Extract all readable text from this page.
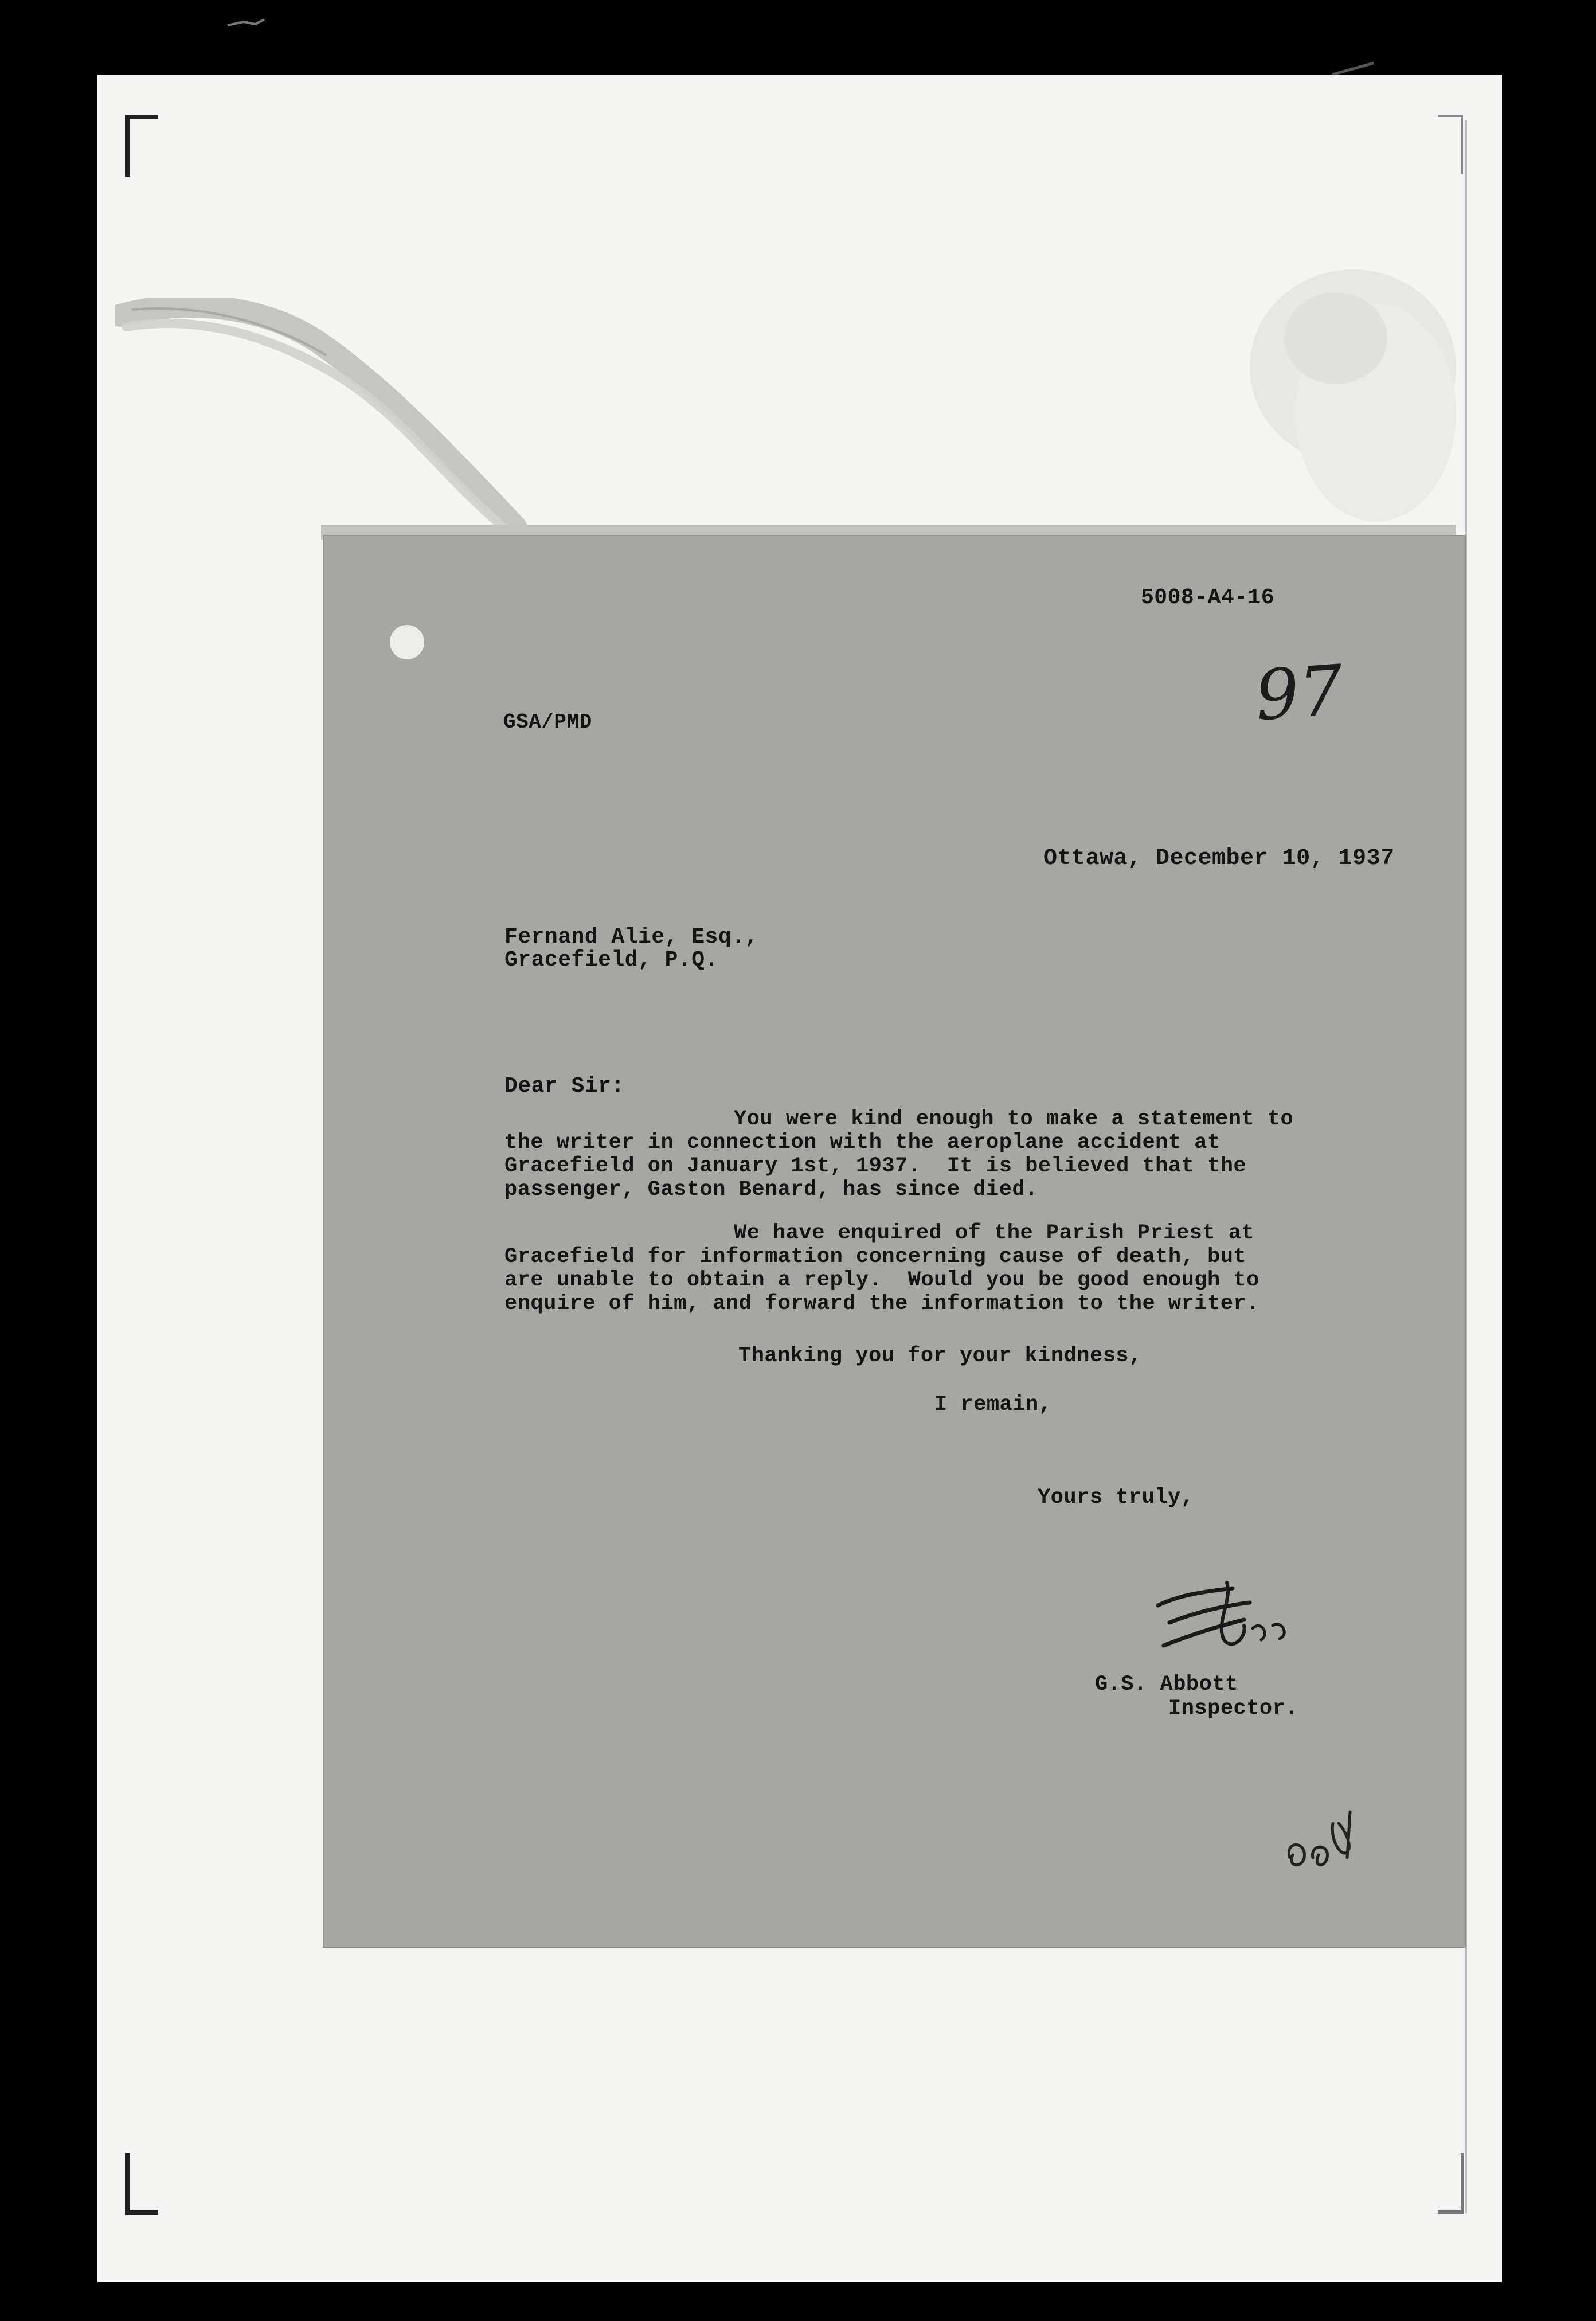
5008-A4-16
97
GSA/PMD
Ottawa, December 10, 1937
Fernand Alie, Esq.,
Gracefield, P.Q.
Dear Sir:
You were kind enough to make a statement to
the writer in connection with the aeroplane accident at
Gracefield on January 1st, 1937.  It is believed that the
passenger, Gaston Benard, has since died.
We have enquired of the Parish Priest at
Gracefield for information concerning cause of death, but
are unable to obtain a reply.  Would you be good enough to
enquire of him, and forward the information to the writer.
Thanking you for your kindness,
I remain,
Yours truly,
G.S. Abbott
Inspector.
